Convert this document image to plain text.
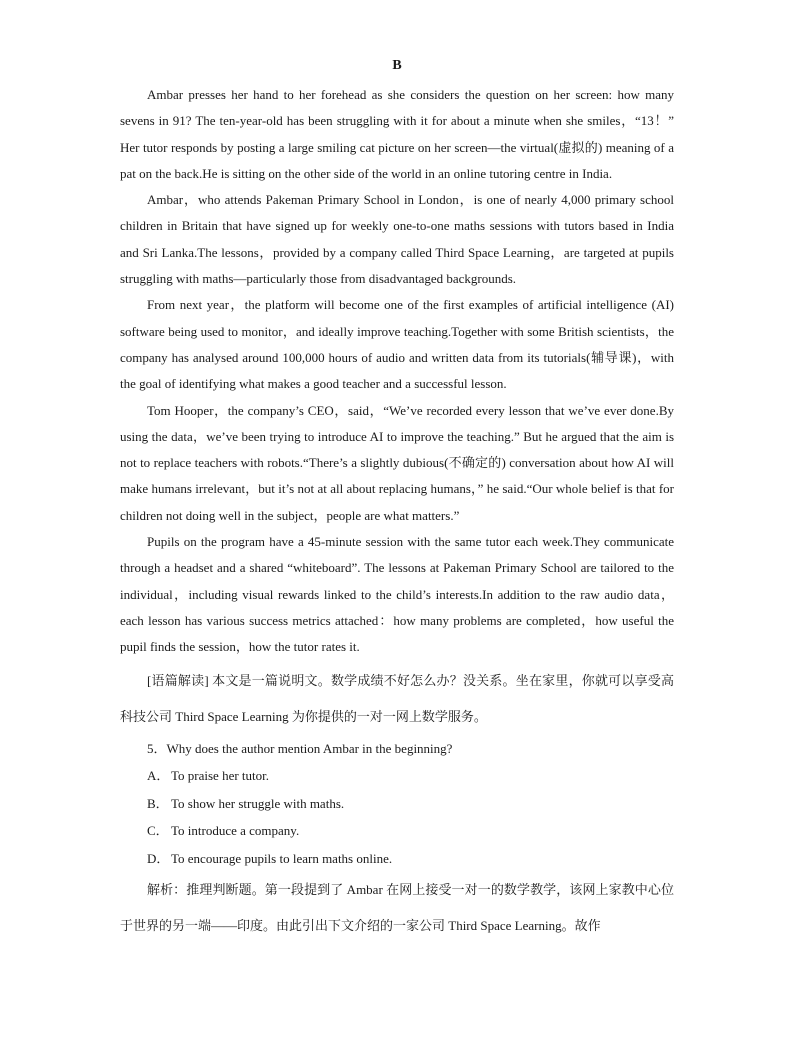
B

Ambar presses her hand to her forehead as she considers the question on her screen: how many sevens in 91? The ten-year-old has been struggling with it for about a minute when she smiles，“13！” Her tutor responds by posting a large smiling cat picture on her screen—the virtual(虚拟的) meaning of a pat on the back.He is sitting on the other side of the world in an online tutoring centre in India.

Ambar，who attends Pakeman Primary School in London，is one of nearly 4,000 primary school children in Britain that have signed up for weekly one-to-one maths sessions with tutors based in India and Sri Lanka.The lessons，provided by a company called Third Space Learning，are targeted at pupils struggling with maths—particularly those from disadvantaged backgrounds.

From next year，the platform will become one of the first examples of artificial intelligence (AI) software being used to monitor，and ideally improve teaching.Together with some British scientists，the company has analysed around 100,000 hours of audio and written data from its tutorials(辅导课)，with the goal of identifying what makes a good teacher and a successful lesson.

Tom Hooper，the company’s CEO，said，“We’ve recorded every lesson that we’ve ever done.By using the data，we’ve been trying to introduce AI to improve the teaching.” But he argued that the aim is not to replace teachers with robots.“There’s a slightly dubious(不确定的) conversation about how AI will make humans irrelevant，but it’s not at all about replacing humans，” he said.“Our whole belief is that for children not doing well in the subject，people are what matters.”

Pupils on the program have a 45-minute session with the same tutor each week.They communicate through a headset and a shared “whiteboard”. The lessons at Pakeman Primary School are tailored to the individual，including visual rewards linked to the child’s interests.In addition to the raw audio data，each lesson has various success metrics attached：how many problems are completed，how useful the pupil finds the session，how the tutor rates it.

[语篇解读] 本文是一篇说明文。数学成绩不好怎么办？没关系。坐在家里，你就可以享受高科技公司 Third Space Learning 为你提供的一对一网上数学服务。

5．Why does the author mention Ambar in the beginning?

A． To praise her tutor.

B． To show her struggle with maths.

C． To introduce a company.

D． To encourage pupils to learn maths online.

解析：推理判断题。第一段提到了 Ambar 在网上接受一对一的数学教学，该网上家教中心位于世界的另一端——印度。由此引出下文介绍的一家公司 Third Space Learning。故作
